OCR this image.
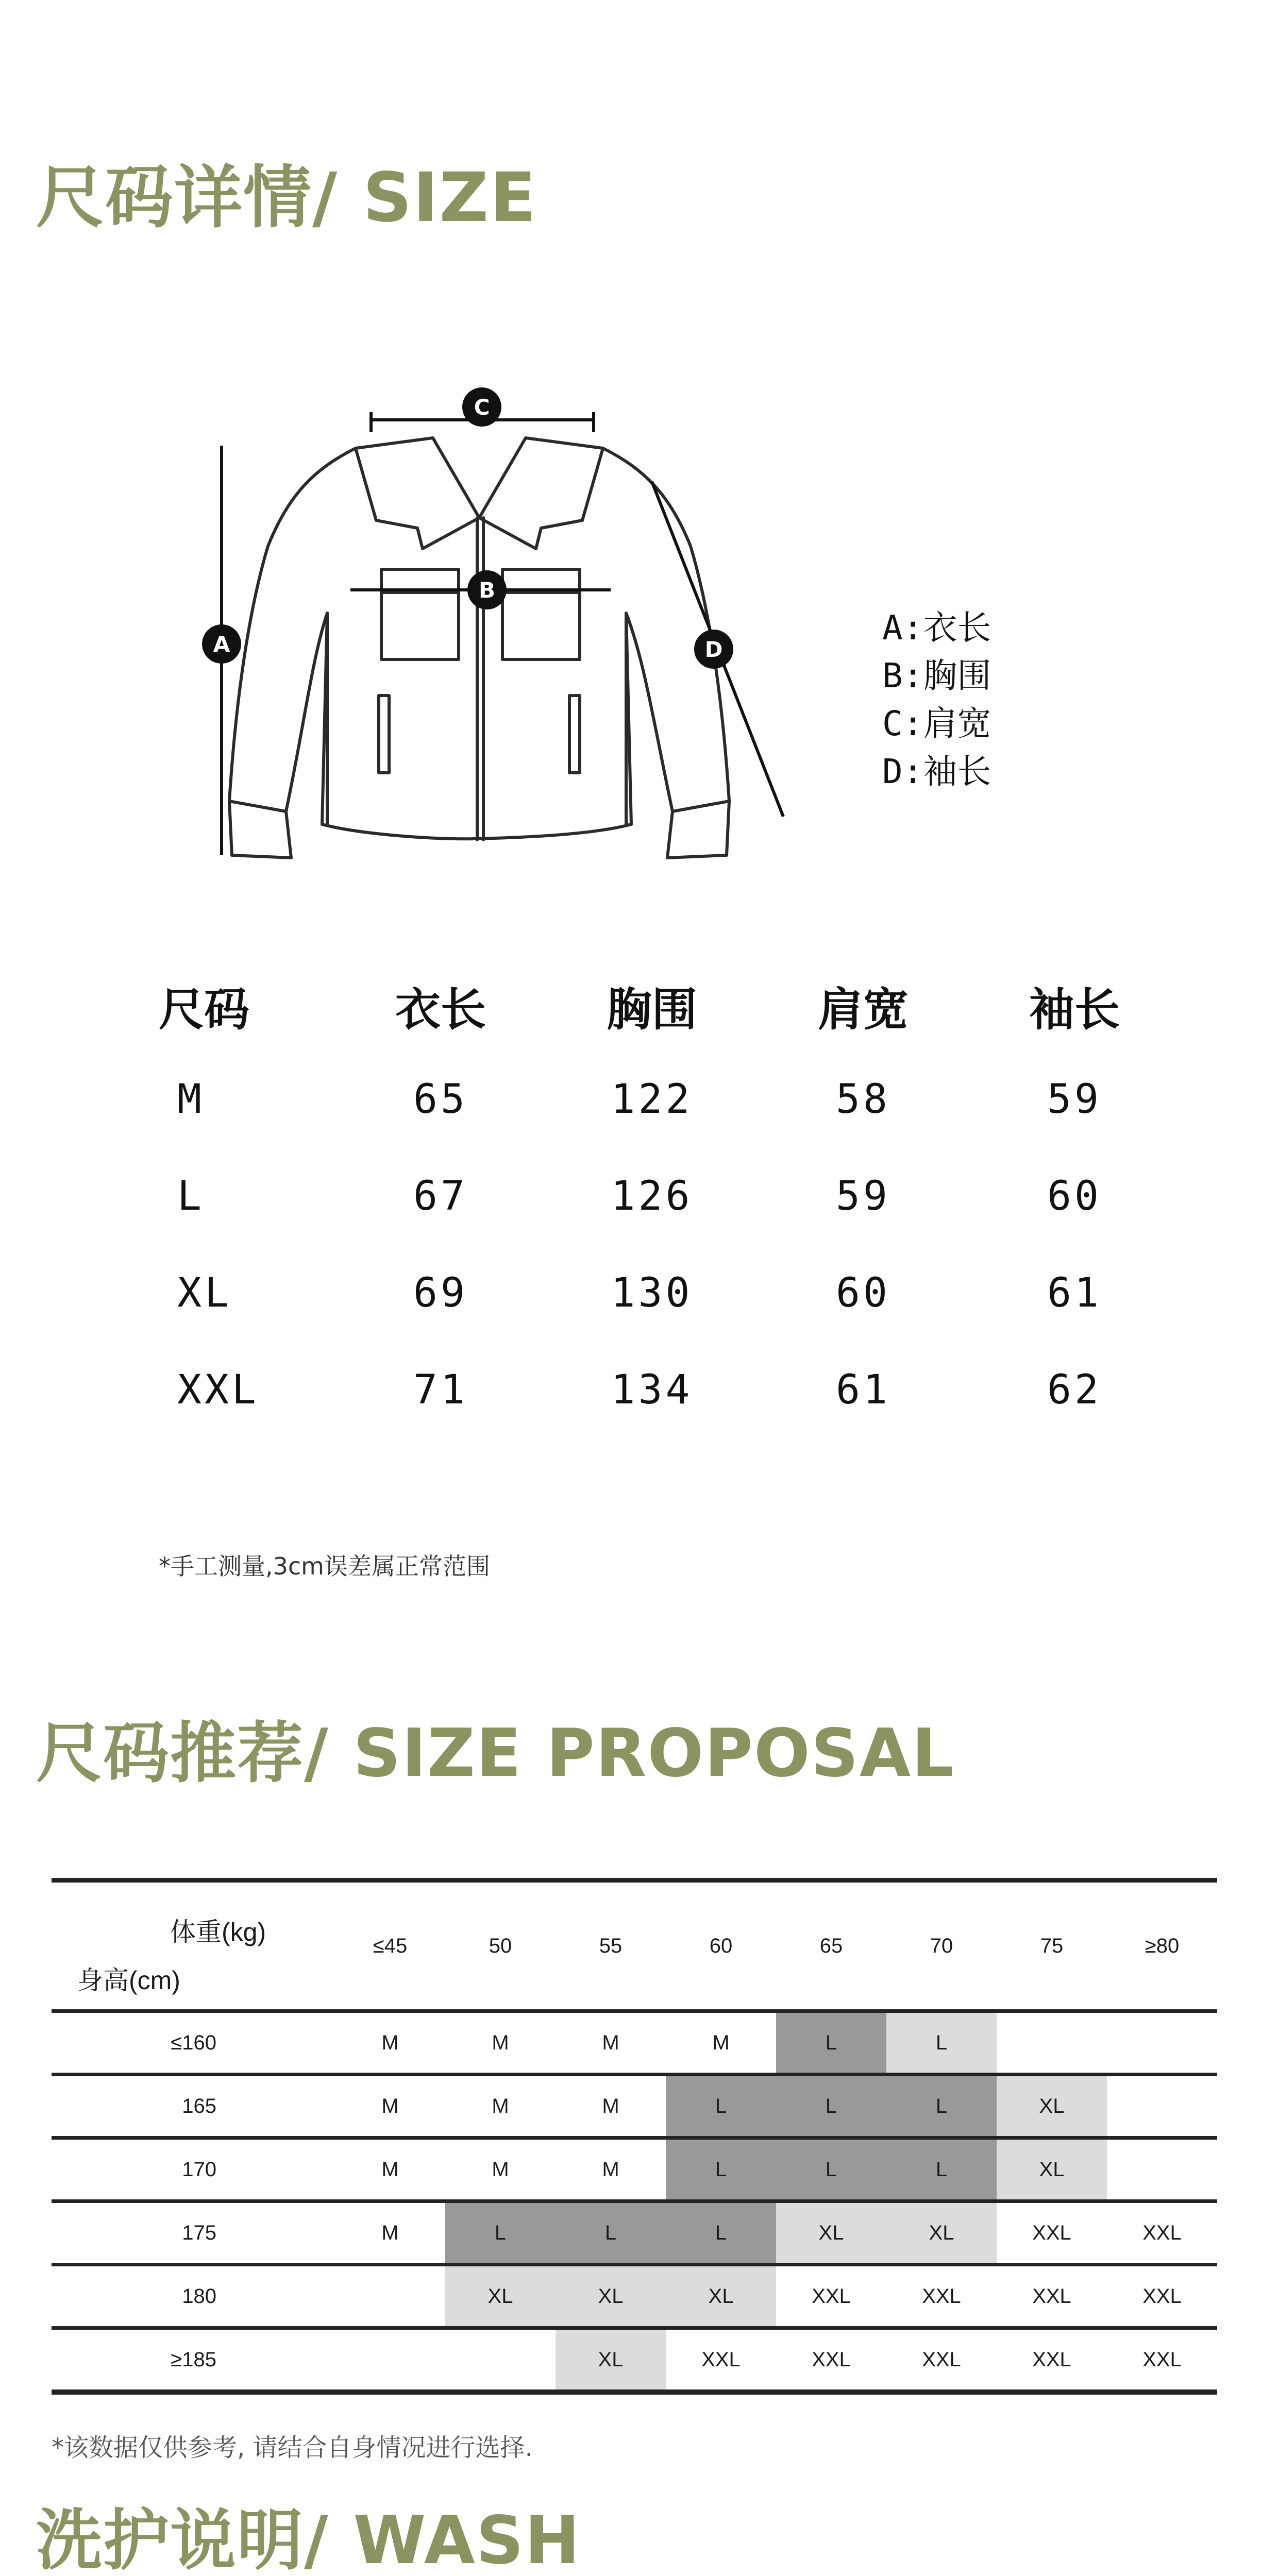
尺码详情/ SIZE
C
B
A	D
A:衣长
B:胸围
C:肩宽
D:袖长
尺码	衣长	胸围	肩宽	袖长
M	65	122	58	59
L	67	126	59	60
XL	69	130	60	61
XXL	71	134	61	62
*手工测量,3cm误差属正常范围
尺码推荐/ SIZE PROPOSAL
体重(kg)
身高(cm)	≤45	50	55	60	65	70	75	≥80
≤160	M	M	M	M	L	L		
165	M	M	M	L	L	L	XL	
170	M	M	M	L	L	L	XL	
175	M	L	L	L	XL	XL	XXL	XXL
180		XL	XL	XL	XXL	XXL	XXL	XXL
≥185			XL	XXL	XXL	XXL	XXL	XXL
*该数据仅供参考, 请结合自身情况进行选择.
洗护说明/ WASH
